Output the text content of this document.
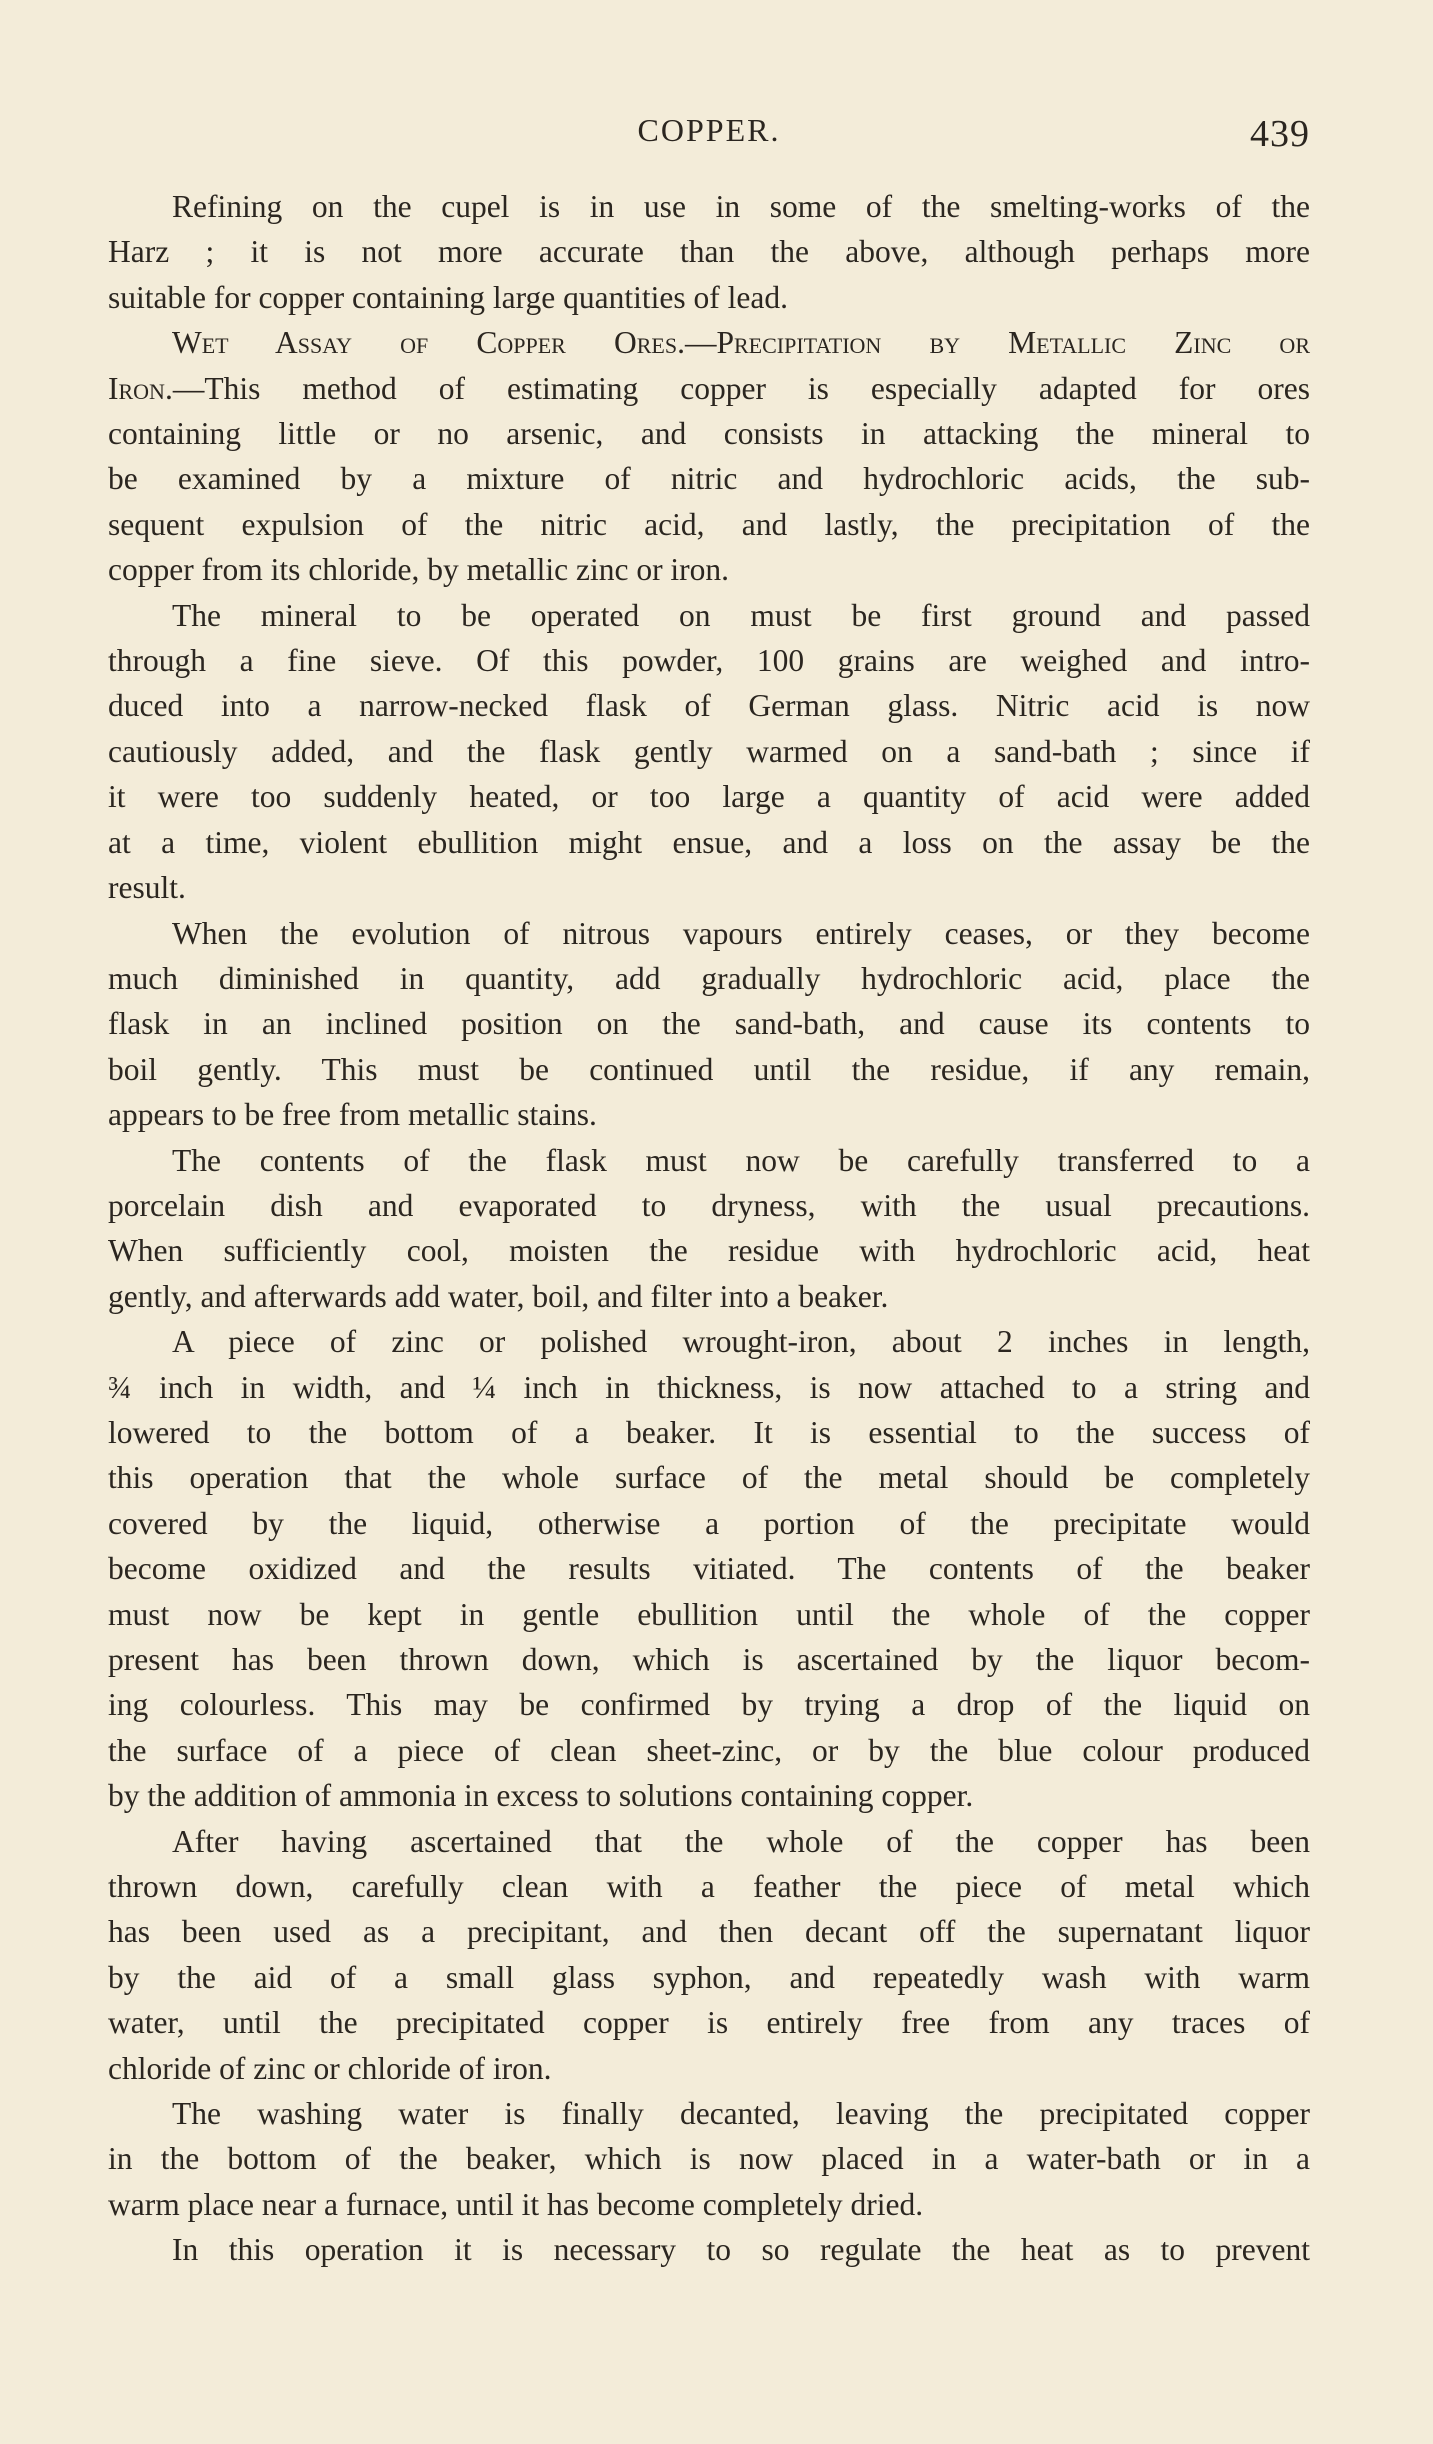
COPPER.	439
Refining on the cupel is in use in some of the smelting-works of the
Harz ; it is not more accurate than the above, although perhaps more
suitable for copper containing large quantities of lead.
Wet Assay of Copper Ores.—Precipitation by Metallic Zinc or
Iron.—This method of estimating copper is especially adapted for ores
containing little or no arsenic, and consists in attacking the mineral to
be examined by a mixture of nitric and hydrochloric acids, the sub-
sequent expulsion of the nitric acid, and lastly, the precipitation of the
copper from its chloride, by metallic zinc or iron.
The mineral to be operated on must be first ground and passed
through a fine sieve. Of this powder, 100 grains are weighed and intro-
duced into a narrow-necked flask of German glass. Nitric acid is now
cautiously added, and the flask gently warmed on a sand-bath ; since if
it were too suddenly heated, or too large a quantity of acid were added
at a time, violent ebullition might ensue, and a loss on the assay be the
result.
When the evolution of nitrous vapours entirely ceases, or they become
much diminished in quantity, add gradually hydrochloric acid, place the
flask in an inclined position on the sand-bath, and cause its contents to
boil gently. This must be continued until the residue, if any remain,
appears to be free from metallic stains.
The contents of the flask must now be carefully transferred to a
porcelain dish and evaporated to dryness, with the usual precautions.
When sufficiently cool, moisten the residue with hydrochloric acid, heat
gently, and afterwards add water, boil, and filter into a beaker.
A piece of zinc or polished wrought-iron, about 2 inches in length,
¾ inch in width, and ¼ inch in thickness, is now attached to a string and
lowered to the bottom of a beaker. It is essential to the success of
this operation that the whole surface of the metal should be completely
covered by the liquid, otherwise a portion of the precipitate would
become oxidized and the results vitiated. The contents of the beaker
must now be kept in gentle ebullition until the whole of the copper
present has been thrown down, which is ascertained by the liquor becom-
ing colourless. This may be confirmed by trying a drop of the liquid on
the surface of a piece of clean sheet-zinc, or by the blue colour produced
by the addition of ammonia in excess to solutions containing copper.
After having ascertained that the whole of the copper has been
thrown down, carefully clean with a feather the piece of metal which
has been used as a precipitant, and then decant off the supernatant liquor
by the aid of a small glass syphon, and repeatedly wash with warm
water, until the precipitated copper is entirely free from any traces of
chloride of zinc or chloride of iron.
The washing water is finally decanted, leaving the precipitated copper
in the bottom of the beaker, which is now placed in a water-bath or in a
warm place near a furnace, until it has become completely dried.
In this operation it is necessary to so regulate the heat as to prevent
